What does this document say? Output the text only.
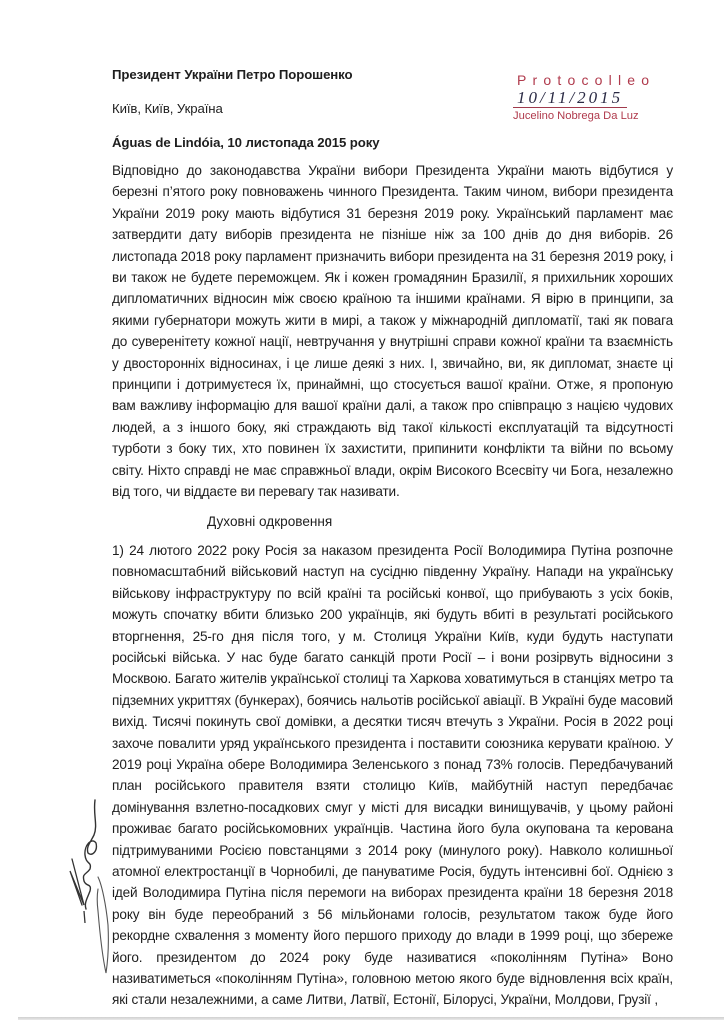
Президент України Петро Порошенко

Київ, Київ, Україна

Águas de Lindóia, 10 листопада 2015 року

Відповідно до законодавства України вибори Президента України мають відбутися у березні п’ятого року повноважень чинного Президента. Таким чином, вибори президента України 2019 року мають відбутися 31 березня 2019 року. Український парламент має затвердити дату виборів президента не пізніше ніж за 100 днів до дня виборів. 26 листопада 2018 року парламент призначить вибори президента на 31 березня 2019 року, і ви також не будете переможцем. Як і кожен громадянин Бразилії, я прихильник хороших дипломатичних відносин між своєю країною та іншими країнами. Я вірю в принципи, за якими губернатори можуть жити в мирі, а також у міжнародній дипломатії, такі як повага до суверенітету кожної нації, невтручання у внутрішні справи кожної країни та взаємність у двосторонніх відносинах, і це лише деякі з них. І, звичайно, ви, як дипломат, знаєте ці принципи і дотримуєтеся їх, принаймні, що стосується вашої країни. Отже, я пропоную вам важливу інформацію для вашої країни далі, а також про співпрацю з нацією чудових людей, а з іншого боку, які страждають від такої кількості експлуатацій та відсутності турботи з боку тих, хто повинен їх захистити, припинити конфлікти та війни по всьому світу. Ніхто справді не має справжньої влади, окрім Високого Всесвіту чи Бога, незалежно від того, чи віддаєте ви перевагу так називати.

Духовні одкровення

1) 24 лютого 2022 року Росія за наказом президента Росії Володимира Путіна розпочне повномасштабний військовий наступ на сусідню південну Україну. Напади на українську військову інфраструктуру по всій країні та російські конвої, що прибувають з усіх боків, можуть спочатку вбити близько 200 українців, які будуть вбиті в результаті російського вторгнення, 25-го дня після того, у м. Столиця України Київ, куди будуть наступати російські війська. У нас буде багато санкцій проти Росії – і вони розірвуть відносини з Москвою. Багато жителів української столиці та Харкова ховатимуться в станціях метро та підземних укриттях (бункерах), боячись нальотів російської авіації. В Україні буде масовий вихід. Тисячі покинуть свої домівки, а десятки тисяч втечуть з України. Росія в 2022 році захоче повалити уряд українського президента і поставити союзника керувати країною. У 2019 році Україна обере Володимира Зеленського з понад 73% голосів. Передбачуваний план російського правителя взяти столицю Київ, майбутній наступ передбачає домінування взлетно-посадкових смуг у місті для висадки винищувачів, у цьому районі проживає багато російськомовних українців. Частина його була окупована та керована підтримуваними Росією повстанцями з 2014 року (минулого року). Навколо колишньої атомної електростанції в Чорнобилі, де пануватиме Росія, будуть інтенсивні бої. Однією з ідей Володимира Путіна після перемоги на виборах президента країни 18 березня 2018 року він буде переобраний з 56 мільйонами голосів, результатом також буде його рекордне схвалення з моменту його першого приходу до влади в 1999 році, що збереже його. президентом до 2024 року буде називатися «поколінням Путіна» Воно називатиметься «поколінням Путіна», головною метою якого буде відновлення всіх країн, які стали незалежними, а саме Литви, Латвії, Естонії, Білорусі, України, Молдови, Грузії ,

Protocolleo
10/11/2015
Jucelino Nobrega Da Luz
